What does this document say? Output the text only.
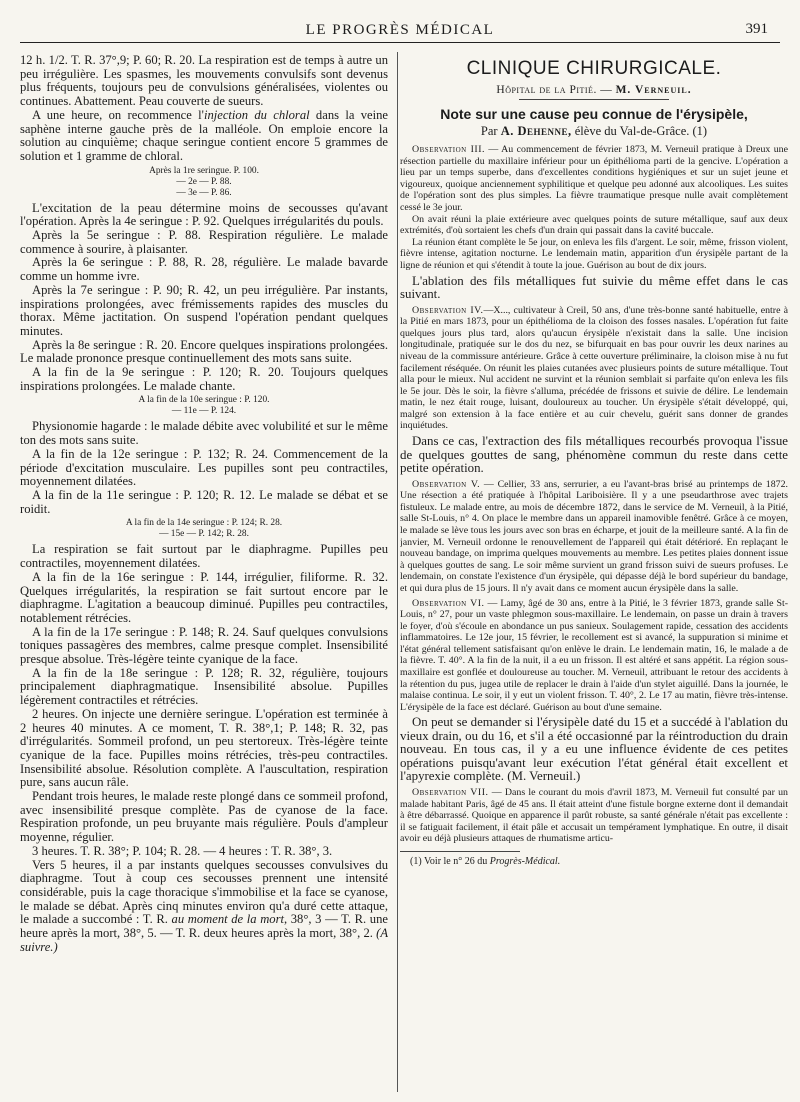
LE PROGRÈS MÉDICAL	391

12 h. 1/2. T. R. 37°,9; P. 60; R. 20. La respiration est de temps à autre un peu irrégulière. Les spasmes, les mouvements convulsifs sont devenus plus fréquents, toujours peu de convulsions généralisées, violentes ou continues. Abattement. Peau couverte de sueurs.

A une heure, on recommence l'injection du chloral dans la veine saphène interne gauche près de la malléole. On emploie encore la solution au cinquième; chaque seringue contient encore 5 grammes de solution et 1 gramme de chloral.

Après la 1re seringue. P. 100.
— 2e — P. 88.
— 3e — P. 86.

L'excitation de la peau détermine moins de secousses qu'avant l'opération. Après la 4e seringue : P. 92. Quelques irrégularités du pouls.

Après la 5e seringue : P. 88. Respiration régulière. Le malade commence à sourire, à plaisanter.

Après la 6e seringue : P. 88, R. 28, régulière. Le malade bavarde comme un homme ivre.

Après la 7e seringue : P. 90; R. 42, un peu irrégulière. Par instants, inspirations prolongées, avec frémissements rapides des muscles du thorax. Même jactitation. On suspend l'opération pendant quelques minutes.

Après la 8e seringue : R. 20. Encore quelques inspirations prolongées. Le malade prononce presque continuellement des mots sans suite.

A la fin de la 9e seringue : P. 120; R. 20. Toujours quelques inspirations prolongées. Le malade chante.

A la fin de la 10e seringue : P. 120.
— 11e — P. 124.

Physionomie hagarde : le malade débite avec volubilité et sur le même ton des mots sans suite.

A la fin de la 12e seringue : P. 132; R. 24. Commencement de la période d'excitation musculaire. Les pupilles sont peu contractiles, moyennement dilatées.

A la fin de la 11e seringue : P. 120; R. 12. Le malade se débat et se roidit.

A la fin de la 14e seringue : P. 124; R. 28.
— 15e — P. 142; R. 28.

La respiration se fait surtout par le diaphragme. Pupilles peu contractiles, moyennement dilatées.

A la fin de la 16e seringue : P. 144, irrégulier, filiforme. R. 32. Quelques irrégularités, la respiration se fait surtout encore par le diaphragme. L'agitation a beaucoup diminué. Pupilles peu contractiles, notablement rétrécies.

A la fin de la 17e seringue : P. 148; R. 24. Sauf quelques convulsions toniques passagères des membres, calme presque complet. Insensibilité presque absolue. Très-légère teinte cyanique de la face.

A la fin de la 18e seringue : P. 128; R. 32, régulière, toujours principalement diaphragmatique. Insensibilité absolue. Pupilles légèrement contractiles et rétrécies.

2 heures. On injecte une dernière seringue. L'opération est terminée à 2 heures 40 minutes. A ce moment, T. R. 38°,1; P. 148; R. 32, pas d'irrégularités. Sommeil profond, un peu stertoreux. Très-légère teinte cyanique de la face. Pupilles moins rétrécies, très-peu contractiles. Insensibilité absolue. Résolution complète. A l'auscultation, respiration pure, sans aucun râle.

Pendant trois heures, le malade reste plongé dans ce sommeil profond, avec insensibilité presque complète. Pas de cyanose de la face. Respiration profonde, un peu bruyante mais régulière. Pouls d'ampleur moyenne, régulier.

3 heures. T. R. 38°; P. 104; R. 28. — 4 heures : T. R. 38°, 3.

Vers 5 heures, il a par instants quelques secousses convulsives du diaphragme. Tout à coup ces secousses prennent une intensité considérable, puis la cage thoracique s'immobilise et la face se cyanose, le malade se débat. Après cinq minutes environ qu'a duré cette attaque, le malade a succombé : T. R. au moment de la mort, 38°, 3 — T. R. une heure après la mort, 38°, 5. — T. R. deux heures après la mort, 38°, 2. (A suivre.)

CLINIQUE CHIRURGICALE.
Hôpital de la Pitié. — M. Verneuil.
Note sur une cause peu connue de l'érysipèle,
Par A. Dehenne, élève du Val-de-Grâce. (1)

Observation III. — Au commencement de février 1873, M. Verneuil pratique à Dreux une résection partielle du maxillaire inférieur pour un épithélioma parti de la gencive. L'opération a lieu par un temps superbe, dans d'excellentes conditions hygiéniques et sur un sujet jeune et vigoureux, quoique anciennement syphilitique et quelque peu adonné aux alcooliques. Les suites de l'opération sont des plus simples. La fièvre traumatique presque nulle avait complètement cessé le 3e jour.

On avait réuni la plaie extérieure avec quelques points de suture métallique, sauf aux deux extrémités, d'où sortaient les chefs d'un drain qui passait dans la cavité buccale.

La réunion étant complète le 5e jour, on enleva les fils d'argent. Le soir, même, frisson violent, fièvre intense, agitation nocturne. Le lendemain matin, apparition d'un érysipèle partant de la ligne de réunion et qui s'étendit à toute la joue. Guérison au bout de dix jours.

L'ablation des fils métalliques fut suivie du même effet dans le cas suivant.

Observation IV.—X..., cultivateur à Creil, 50 ans, d'une très-bonne santé habituelle, entre à la Pitié en mars 1873, pour un épithélioma de la cloison des fosses nasales. L'opération fut faite quelques jours plus tard, alors qu'aucun érysipèle n'existait dans la salle. Une incision longitudinale, pratiquée sur le dos du nez, se bifurquait en bas pour ouvrir les deux narines au niveau de la commissure antérieure. Grâce à cette ouverture préliminaire, la cloison mise à nu fut facilement réséquée. On réunit les plaies cutanées avec plusieurs points de suture métallique. Tout alla pour le mieux. Nul accident ne survint et la réunion semblait si parfaite qu'on enleva les fils le 5e jour. Dès le soir, la fièvre s'alluma, précédée de frissons et suivie de délire. Le lendemain matin, le nez était rouge, luisant, douloureux au toucher. Un érysipèle s'était développé, qui, malgré son extension à la face entière et au cuir chevelu, guérit sans donner de grandes inquiétudes.

Dans ce cas, l'extraction des fils métalliques recourbés provoqua l'issue de quelques gouttes de sang, phénomène commun du reste dans cette petite opération.

Observation V. — Cellier, 33 ans, serrurier, a eu l'avant-bras brisé au printemps de 1872. Une résection a été pratiquée à l'hôpital Lariboisière. Il y a une pseudarthrose avec trajets fistuleux. Le malade entre, au mois de décembre 1872, dans le service de M. Verneuil, à la Pitié, salle St-Louis, n° 4. On place le membre dans un appareil inamovible fenêtré. Grâce à ce moyen, le malade se lève tous les jours avec son bras en écharpe, et jouit de la meilleure santé. A la fin de janvier, M. Verneuil ordonne le renouvellement de l'appareil qui était détérioré. En replaçant le nouveau bandage, on imprima quelques mouvements au membre. Les petites plaies donnent issue à quelques gouttes de sang. Le soir même survient un grand frisson suivi de sueurs profuses. Le lendemain, on constate l'existence d'un érysipèle, qui dépasse déjà le bord supérieur du bandage, et qui dura plus de 15 jours. Il n'y avait dans ce moment aucun érysipèle dans la salle.

Observation VI. — Lamy, âgé de 30 ans, entre à la Pitié, le 3 février 1873, grande salle St-Louis, n° 27, pour un vaste phlegmon sous-maxillaire. Le lendemain, on passe un drain à travers le foyer, d'où s'écoule en abondance un pus sanieux. Soulagement rapide, cessation des accidents inflammatoires. Le 12e jour, 15 février, le recollement est si avancé, la suppuration si minime et l'état général tellement satisfaisant qu'on enlève le drain. Le lendemain matin, 16, le malade a de la fièvre. T. 40°. A la fin de la nuit, il a eu un frisson. Il est altéré et sans appétit. La région sous-maxillaire est gonflée et douloureuse au toucher. M. Verneuil, attribuant le retour des accidents à la rétention du pus, jugea utile de replacer le drain à l'aide d'un stylet aiguillé. Dans la journée, le malaise continua. Le soir, il y eut un violent frisson. T. 40°, 2. Le 17 au matin, fièvre très-intense. L'érysipèle de la face est déclaré. Guérison au bout d'une semaine.

On peut se demander si l'érysipèle daté du 15 et a succédé à l'ablation du vieux drain, ou du 16, et s'il a été occasionné par la réintroduction du drain nouveau. En tous cas, il y a eu une influence évidente de ces petites opérations puisqu'avant leur exécution l'état général était excellent et l'apyrexie complète. (M. Verneuil.)

Observation VII. — Dans le courant du mois d'avril 1873, M. Verneuil fut consulté par un malade habitant Paris, âgé de 45 ans. Il était atteint d'une fistule borgne externe dont il demandait à être débarrassé. Quoique en apparence il parût robuste, sa santé générale n'était pas excellente : il se fatiguait facilement, il était pâle et accusait un tempérament lymphatique. En outre, il disait avoir eu déjà plusieurs attaques de rhumatisme articu-

(1) Voir le n° 26 du Progrès-Médical.
